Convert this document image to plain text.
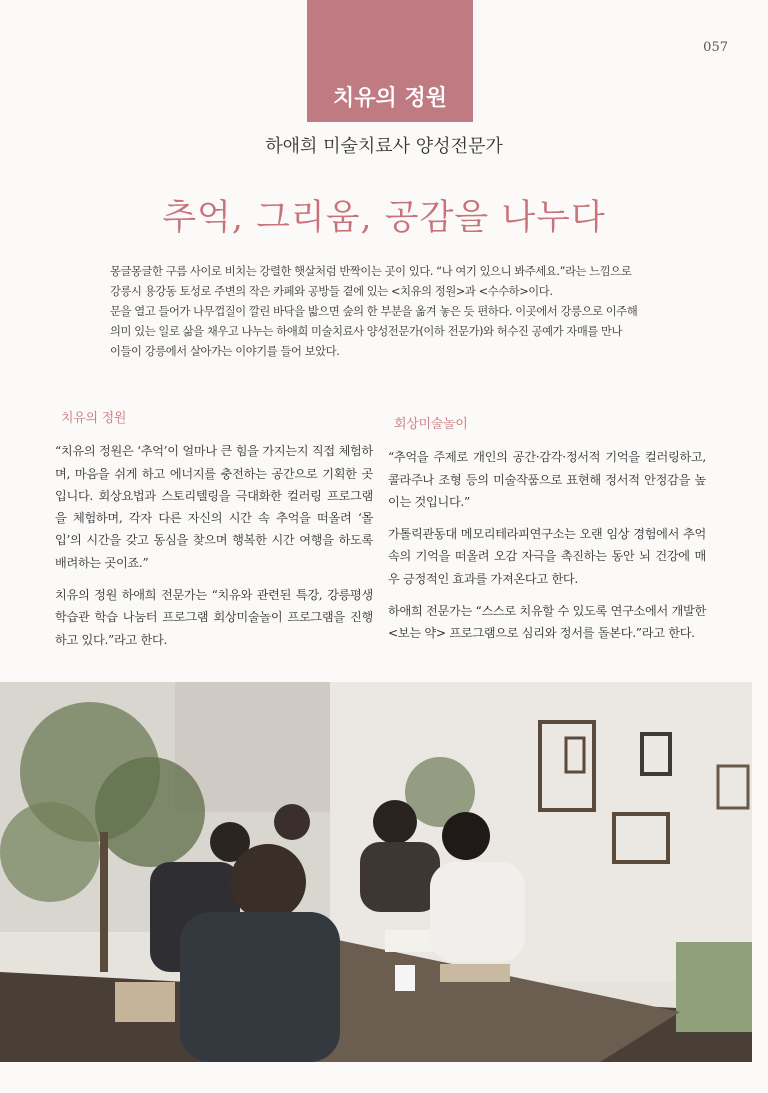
치유의 정원
057
하애희 미술치료사 양성전문가
추억, 그리움, 공감을 나누다

몽글몽글한 구름 사이로 비치는 강렬한 햇살처럼 반짝이는 곳이 있다. “나 여기 있으니 봐주세요.”라는 느낌으로

강릉시 용강동 토성로 주변의 작은 카페와 공방들 곁에 있는 <치유의 정원>과 <수수하>이다.

문을 열고 들어가 나무껍질이 깔린 바닥을 밟으면 숲의 한 부분을 옮겨 놓은 듯 편하다. 이곳에서 강릉으로 이주해

의미 있는 일로 삶을 채우고 나누는 하애희 미술치료사 양성전문가(이하 전문가)와 허수진 공예가 자매를 만나

이들이 강릉에서 살아가는 이야기를 들어 보았다.

치유의 정원

“치유의 정원은 ‘추억’이 얼마나 큰 힘을 가지는지 직접 체험하며, 마음을 쉬게 하고 에너지를 충전하는 공간으로 기획한 곳입니다. 회상요법과 스토리텔링을 극대화한 컬러링 프로그램을 체험하며, 각자 다른 자신의 시간 속 추억을 떠올려 ‘몰입’의 시간을 갖고 동심을 찾으며 행복한 시간 여행을 하도록 배려하는 곳이죠.”

치유의 정원 하애희 전문가는 “치유와 관련된 특강, 강릉평생학습관 학습 나눔터 프로그램 회상미술놀이 프로그램을 진행하고 있다.”라고 한다.

회상미술놀이

“추억을 주제로 개인의 공간·감각·정서적 기억을 컬러링하고, 콜라주나 조형 등의 미술작품으로 표현해 정서적 안정감을 높이는 것입니다.”

가톨릭관동대 메모리테라피연구소는 오랜 임상 경험에서 추억 속의 기억을 떠올려 오감 자극을 촉진하는 동안 뇌 건강에 매우 긍정적인 효과를 가져온다고 한다.

하애희 전문가는 “스스로 치유할 수 있도록 연구소에서 개발한 <보는 약> 프로그램으로 심리와 정서를 돌본다.”라고 한다.
